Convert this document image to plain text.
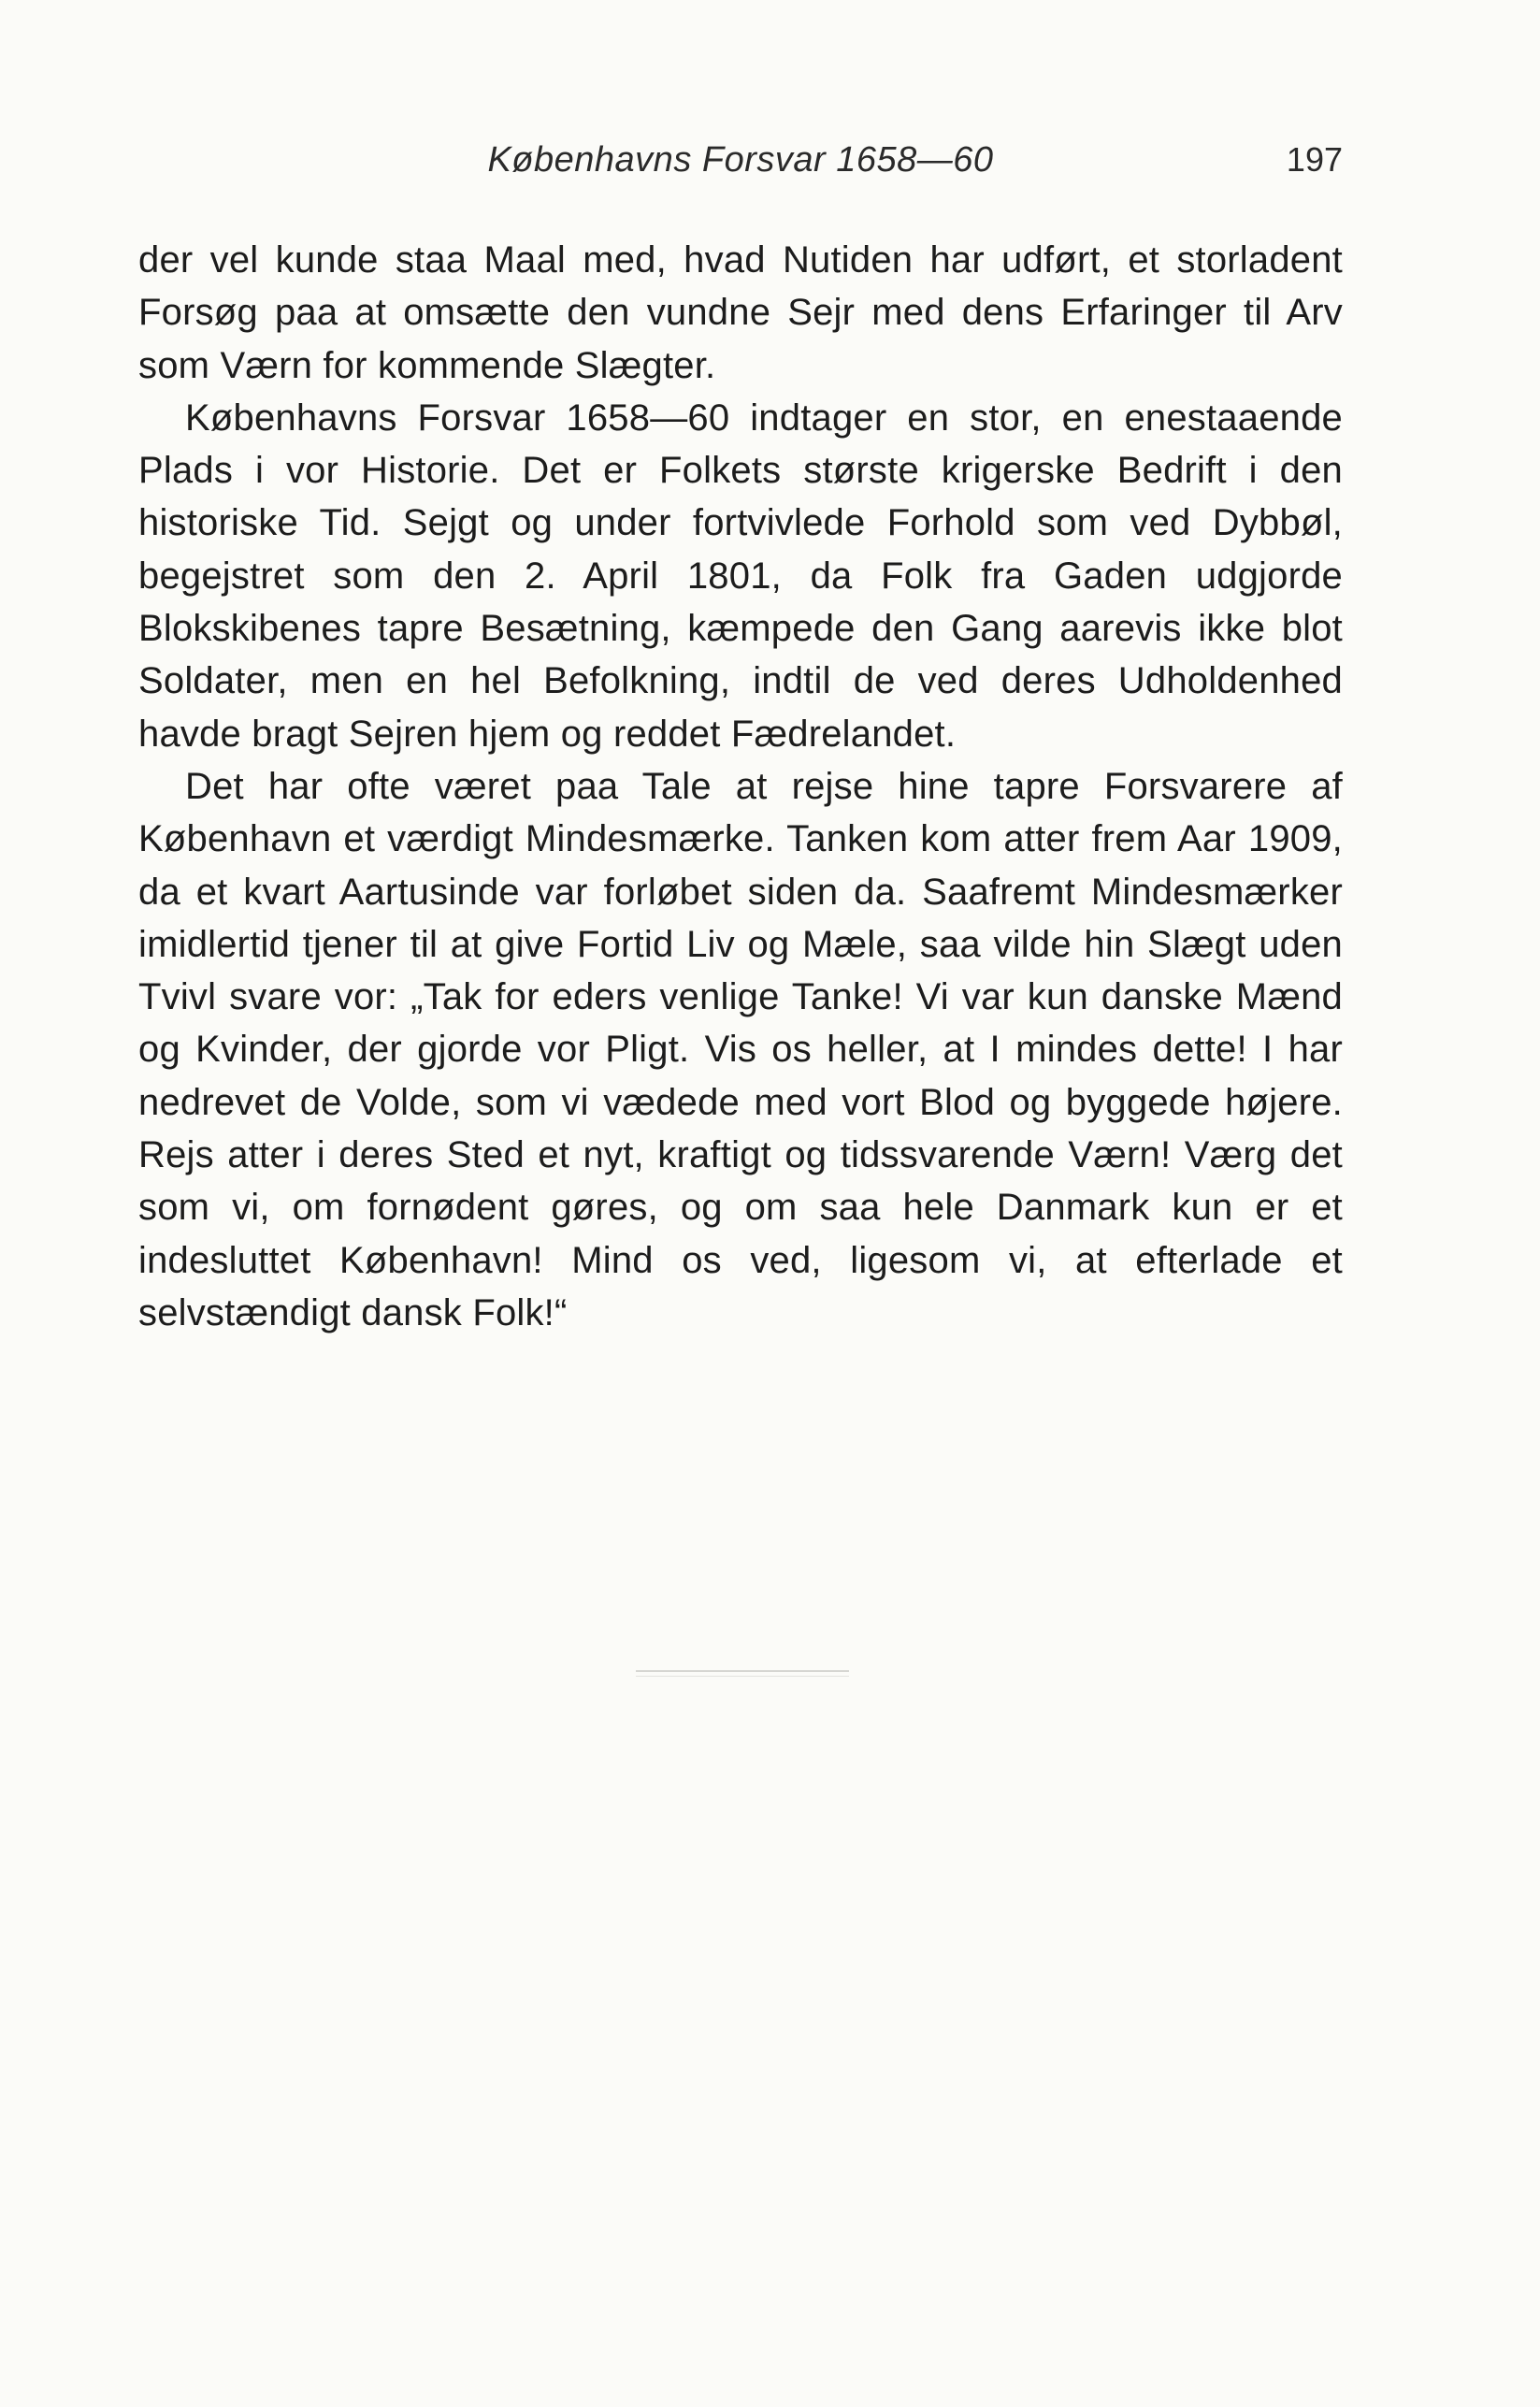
Københavns Forsvar 1658—60	197

der vel kunde staa Maal med, hvad Nutiden har udført, et storladent Forsøg paa at omsætte den vundne Sejr med dens Erfaringer til Arv som Værn for kommende Slægter.

Københavns Forsvar 1658—60 indtager en stor, en enestaaende Plads i vor Historie. Det er Folkets største krigerske Bedrift i den historiske Tid. Sejgt og under fortvivlede Forhold som ved Dybbøl, begejstret som den 2. April 1801, da Folk fra Gaden udgjorde Blokskibenes tapre Besætning, kæmpede den Gang aarevis ikke blot Soldater, men en hel Befolkning, indtil de ved deres Udholdenhed havde bragt Sejren hjem og reddet Fædrelandet.

Det har ofte været paa Tale at rejse hine tapre Forsvarere af København et værdigt Mindesmærke. Tanken kom atter frem Aar 1909, da et kvart Aartusinde var forløbet siden da. Saafremt Mindesmærker imidlertid tjener til at give Fortid Liv og Mæle, saa vilde hin Slægt uden Tvivl svare vor: „Tak for eders venlige Tanke! Vi var kun danske Mænd og Kvinder, der gjorde vor Pligt. Vis os heller, at I mindes dette! I har nedrevet de Volde, som vi vædede med vort Blod og byggede højere. Rejs atter i deres Sted et nyt, kraftigt og tidssvarende Værn! Værg det som vi, om fornødent gøres, og om saa hele Danmark kun er et indesluttet København! Mind os ved, ligesom vi, at efterlade et selvstændigt dansk Folk!“
